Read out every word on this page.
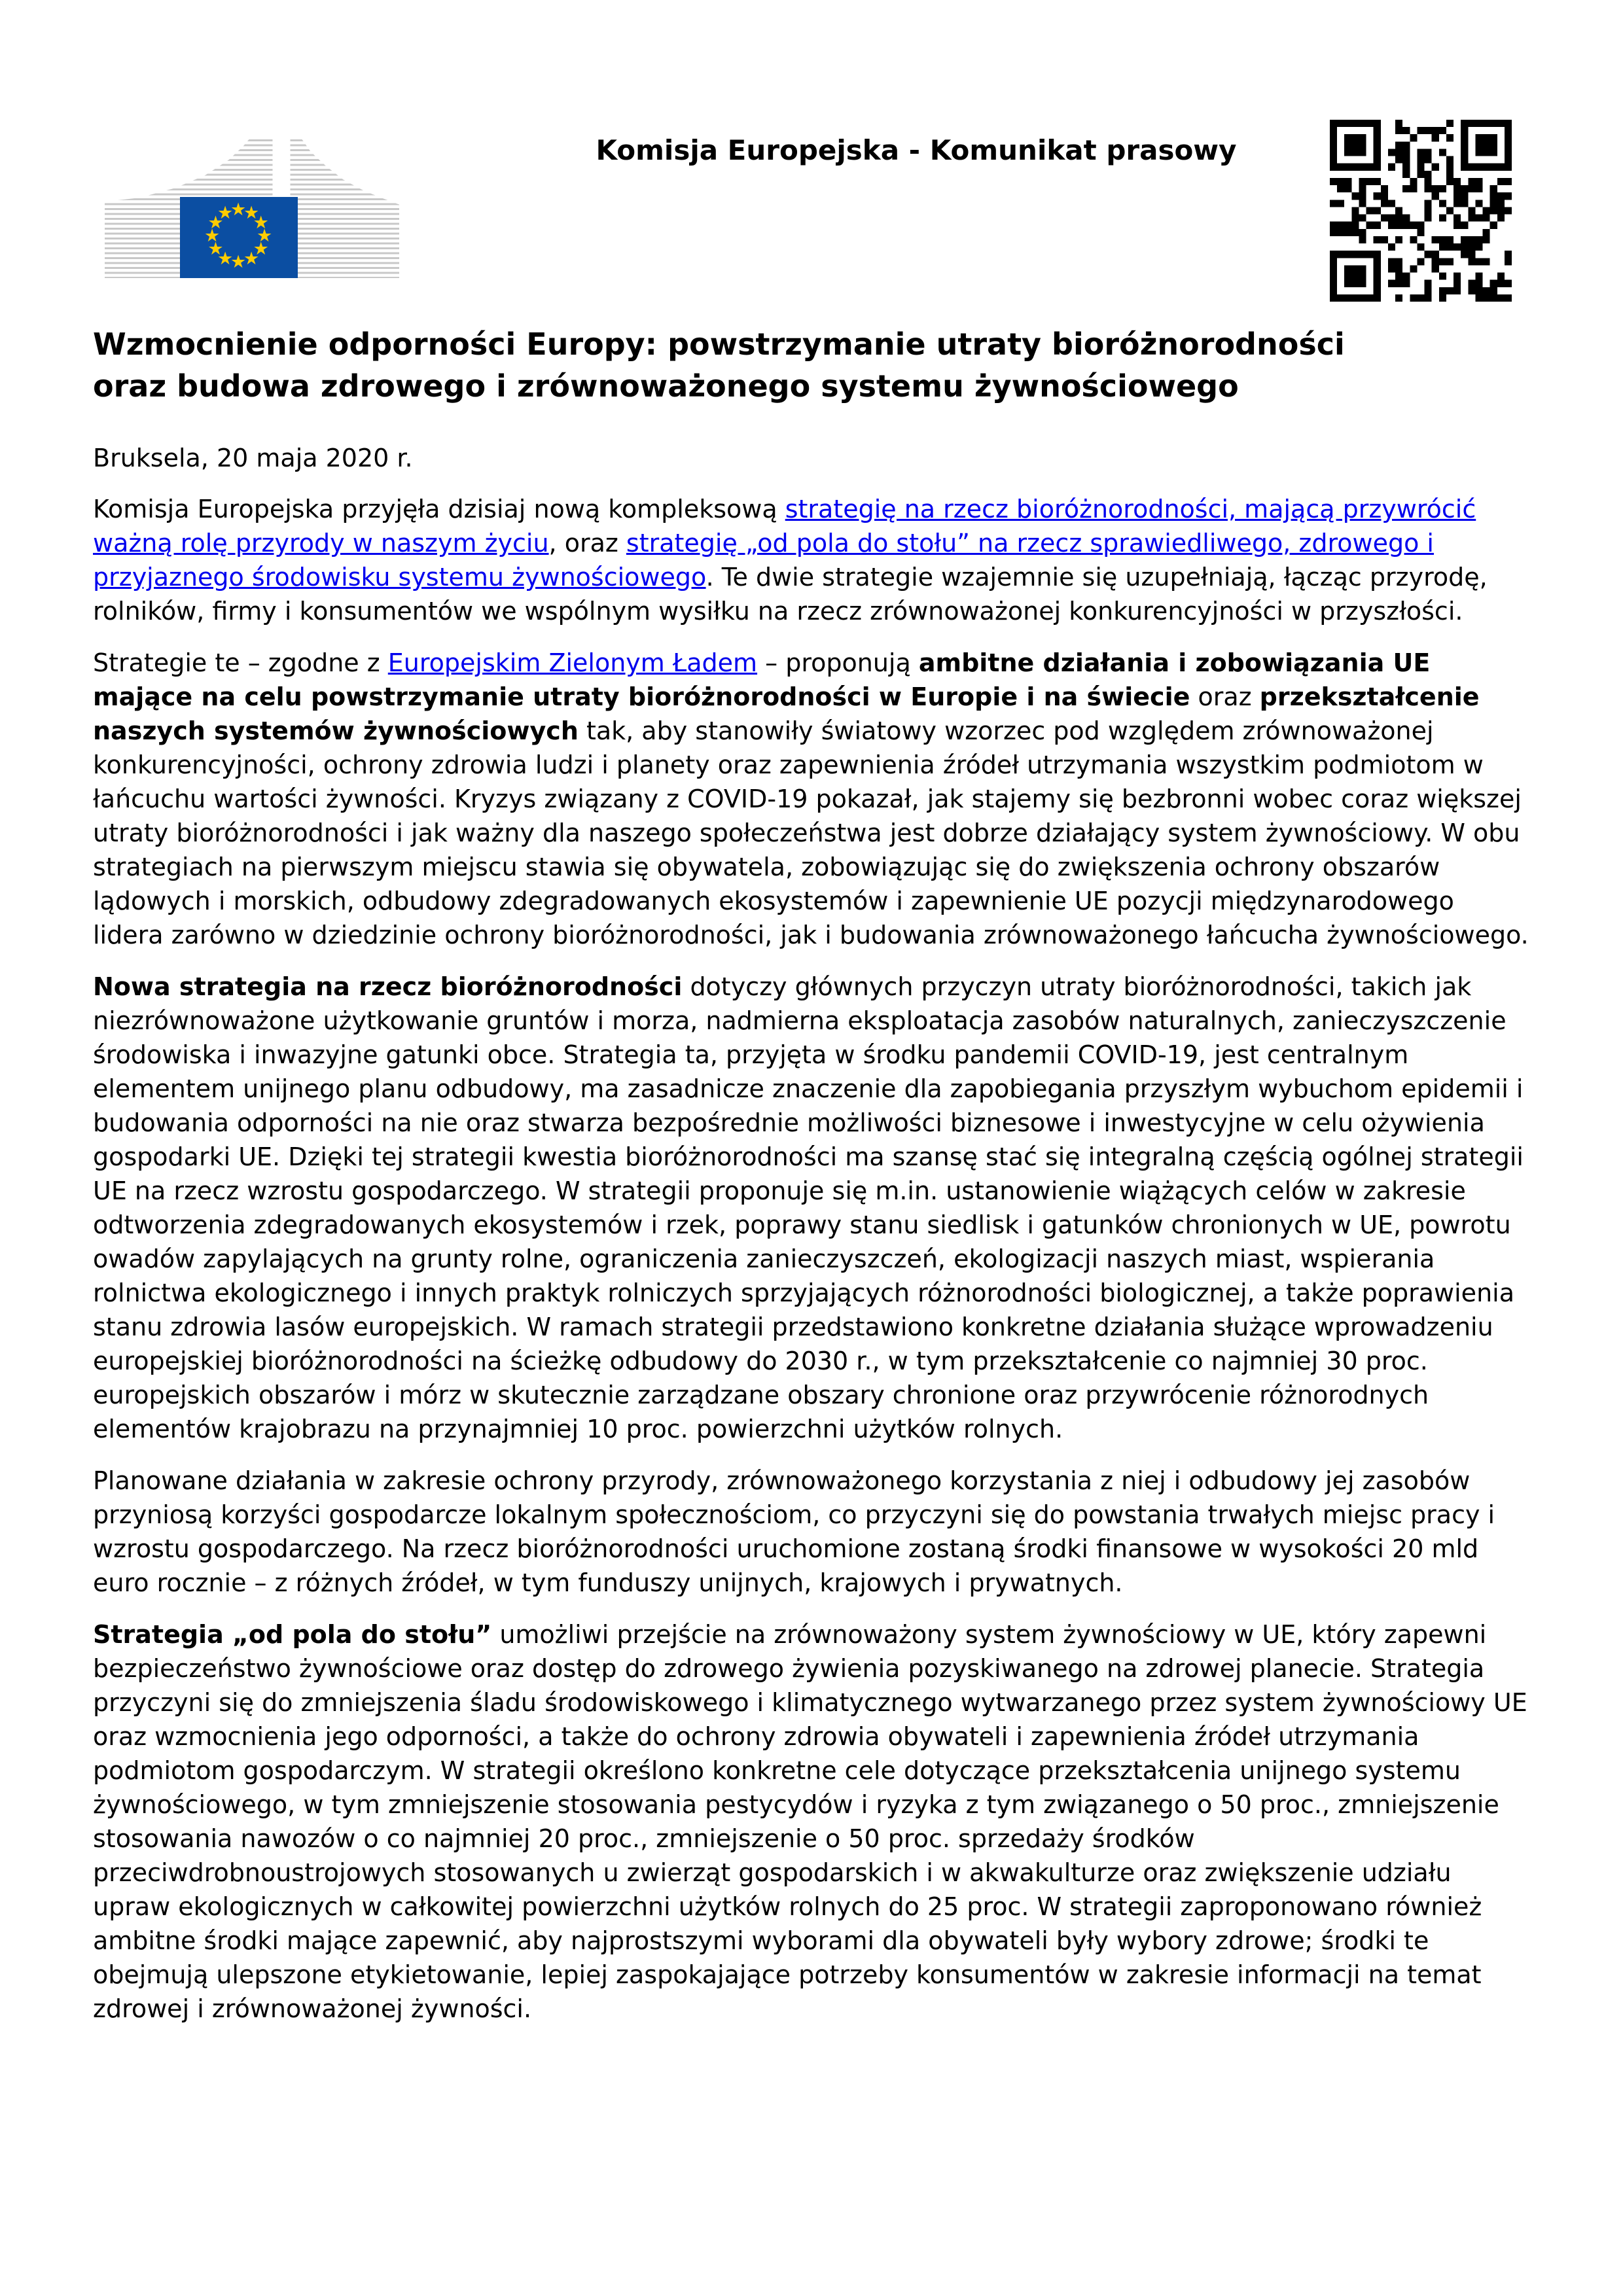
★
★
★
★
★
★
★
★
★
★
★
★
Komisja Europejska - Komunikat prasowy
Wzmocnienie odporności Europy: powstrzymanie utraty bioróżnorodności
oraz budowa zdrowego i zrównoważonego systemu żywnościowego

Bruksela, 20 maja 2020 r.

Komisja Europejska przyjęła dzisiaj nową kompleksową strategię na rzecz bioróżnorodności, mającą przywrócić ważną rolę przyrody w naszym życiu, oraz strategię „od pola do stołu” na rzecz sprawiedliwego, zdrowego i przyjaznego środowisku systemu żywnościowego. Te dwie strategie wzajemnie się uzupełniają, łącząc przyrodę, rolników, firmy i konsumentów we wspólnym wysiłku na rzecz zrównoważonej konkurencyjności w przyszłości.

Strategie te – zgodne z Europejskim Zielonym Ładem – proponują ambitne działania i zobowiązania UE mające na celu powstrzymanie utraty bioróżnorodności w Europie i na świecie oraz przekształcenie naszych systemów żywnościowych tak, aby stanowiły światowy wzorzec pod względem zrównoważonej konkurencyjności, ochrony zdrowia ludzi i planety oraz zapewnienia źródeł utrzymania wszystkim podmiotom w łańcuchu wartości żywności. Kryzys związany z COVID-19 pokazał, jak stajemy się bezbronni wobec coraz większej utraty bioróżnorodności i jak ważny dla naszego społeczeństwa jest dobrze działający system żywnościowy. W obu strategiach na pierwszym miejscu stawia się obywatela, zobowiązując się do zwiększenia ochrony obszarów lądowych i morskich, odbudowy zdegradowanych ekosystemów i zapewnienie UE pozycji międzynarodowego lidera zarówno w dziedzinie ochrony bioróżnorodności, jak i budowania zrównoważonego łańcucha żywnościowego.

Nowa strategia na rzecz bioróżnorodności dotyczy głównych przyczyn utraty bioróżnorodności, takich jak niezrównoważone użytkowanie gruntów i morza, nadmierna eksploatacja zasobów naturalnych, zanieczyszczenie środowiska i inwazyjne gatunki obce. Strategia ta, przyjęta w środku pandemii COVID-19, jest centralnym elementem unijnego planu odbudowy, ma zasadnicze znaczenie dla zapobiegania przyszłym wybuchom epidemii i budowania odporności na nie oraz stwarza bezpośrednie możliwości biznesowe i inwestycyjne w celu ożywienia gospodarki UE. Dzięki tej strategii kwestia bioróżnorodności ma szansę stać się integralną częścią ogólnej strategii UE na rzecz wzrostu gospodarczego. W strategii proponuje się m.in. ustanowienie wiążących celów w zakresie odtworzenia zdegradowanych ekosystemów i rzek, poprawy stanu siedlisk i gatunków chronionych w UE, powrotu owadów zapylających na grunty rolne, ograniczenia zanieczyszczeń, ekologizacji naszych miast, wspierania rolnictwa ekologicznego i innych praktyk rolniczych sprzyjających różnorodności biologicznej, a także poprawienia stanu zdrowia lasów europejskich. W ramach strategii przedstawiono konkretne działania służące wprowadzeniu europejskiej bioróżnorodności na ścieżkę odbudowy do 2030 r., w tym przekształcenie co najmniej 30 proc. europejskich obszarów i mórz w skutecznie zarządzane obszary chronione oraz przywrócenie różnorodnych elementów krajobrazu na przynajmniej 10 proc. powierzchni użytków rolnych.

Planowane działania w zakresie ochrony przyrody, zrównoważonego korzystania z niej i odbudowy jej zasobów przyniosą korzyści gospodarcze lokalnym społecznościom, co przyczyni się do powstania trwałych miejsc pracy i wzrostu gospodarczego. Na rzecz bioróżnorodności uruchomione zostaną środki finansowe w wysokości 20 mld euro rocznie – z różnych źródeł, w tym funduszy unijnych, krajowych i prywatnych.

Strategia „od pola do stołu” umożliwi przejście na zrównoważony system żywnościowy w UE, który zapewni bezpieczeństwo żywnościowe oraz dostęp do zdrowego żywienia pozyskiwanego na zdrowej planecie. Strategia przyczyni się do zmniejszenia śladu środowiskowego i klimatycznego wytwarzanego przez system żywnościowy UE oraz wzmocnienia jego odporności, a także do ochrony zdrowia obywateli i zapewnienia źródeł utrzymania podmiotom gospodarczym. W strategii określono konkretne cele dotyczące przekształcenia unijnego systemu żywnościowego, w tym zmniejszenie stosowania pestycydów i ryzyka z tym związanego o 50 proc., zmniejszenie stosowania nawozów o co najmniej 20 proc., zmniejszenie o 50 proc. sprzedaży środków przeciwdrobnoustrojowych stosowanych u zwierząt gospodarskich i w akwakulturze oraz zwiększenie udziału upraw ekologicznych w całkowitej powierzchni użytków rolnych do 25 proc. W strategii zaproponowano również ambitne środki mające zapewnić, aby najprostszymi wyborami dla obywateli były wybory zdrowe; środki te obejmują ulepszone etykietowanie, lepiej zaspokajające potrzeby konsumentów w zakresie informacji na temat zdrowej i zrównoważonej żywności.
